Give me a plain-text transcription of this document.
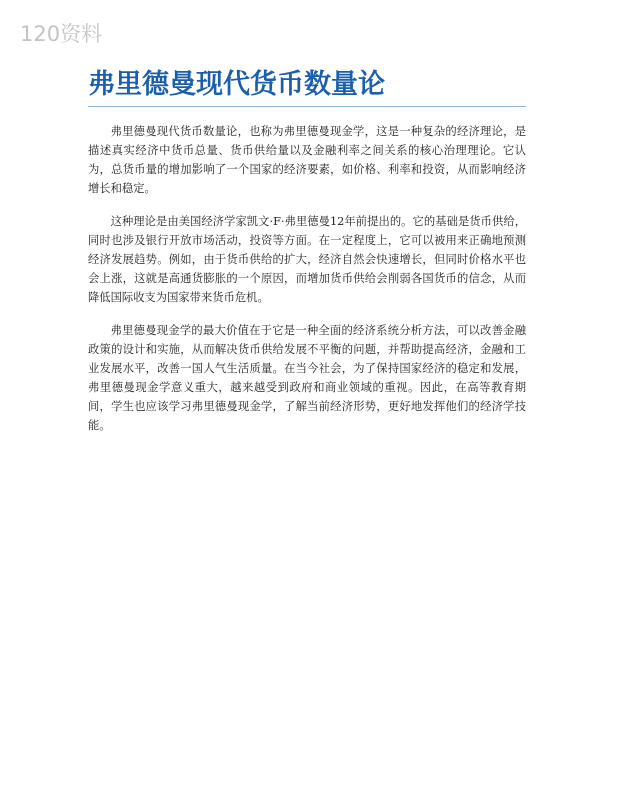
120资料
弗里德曼现代货币数量论

弗里德曼现代货币数量论，也称为弗里德曼现金学，这是一种复杂的经济理论，是描述真实经济中货币总量、货币供给量以及金融利率之间关系的核心治理理论。它认为，总货币量的增加影响了一个国家的经济要素，如价格、利率和投资，从而影响经济增长和稳定。

这种理论是由美国经济学家凯文·F·弗里德曼12年前提出的。它的基础是货币供给，同时也涉及银行开放市场活动，投资等方面。在一定程度上，它可以被用来正确地预测经济发展趋势。例如，由于货币供给的扩大，经济自然会快速增长，但同时价格水平也会上涨，这就是高通货膨胀的一个原因，而增加货币供给会削弱各国货币的信念，从而降低国际收支为国家带来货币危机。

弗里德曼现金学的最大价值在于它是一种全面的经济系统分析方法，可以改善金融政策的设计和实施，从而解决货币供给发展不平衡的问题，并帮助提高经济，金融和工业发展水平，改善一国人气生活质量。在当今社会，为了保持国家经济的稳定和发展，弗里德曼现金学意义重大，越来越受到政府和商业领域的重视。因此，在高等教育期间，学生也应该学习弗里德曼现金学，了解当前经济形势，更好地发挥他们的经济学技能。
